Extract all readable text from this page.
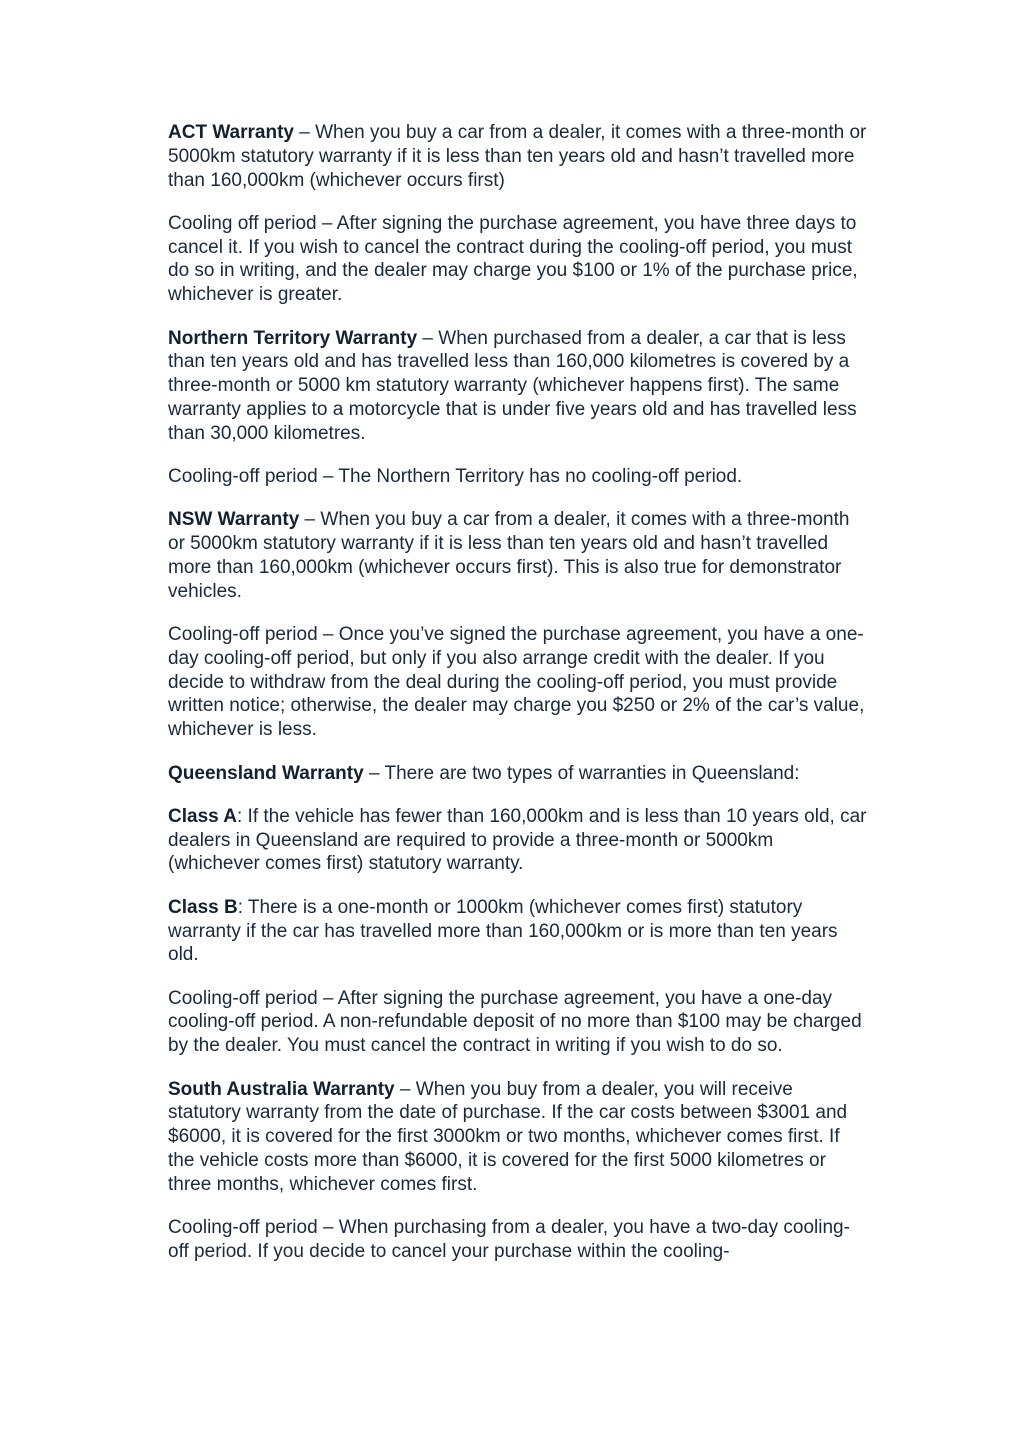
ACT Warranty – When you buy a car from a dealer, it comes with a three-month or 5000km statutory warranty if it is less than ten years old and hasn’t travelled more than 160,000km (whichever occurs first)

Cooling off period – After signing the purchase agreement, you have three days to cancel it. If you wish to cancel the contract during the cooling-off period, you must do so in writing, and the dealer may charge you $100 or 1% of the purchase price, whichever is greater.

Northern Territory Warranty – When purchased from a dealer, a car that is less than ten years old and has travelled less than 160,000 kilometres is covered by a three-month or 5000 km statutory warranty (whichever happens first). The same warranty applies to a motorcycle that is under five years old and has travelled less than 30,000 kilometres.

Cooling-off period – The Northern Territory has no cooling-off period.

NSW Warranty – When you buy a car from a dealer, it comes with a three-month or 5000km statutory warranty if it is less than ten years old and hasn’t travelled more than 160,000km (whichever occurs first). This is also true for demonstrator vehicles.

Cooling-off period – Once you’ve signed the purchase agreement, you have a one-day cooling-off period, but only if you also arrange credit with the dealer. If you decide to withdraw from the deal during the cooling-off period, you must provide written notice; otherwise, the dealer may charge you $250 or 2% of the car’s value, whichever is less.

Queensland Warranty – There are two types of warranties in Queensland:

Class A: If the vehicle has fewer than 160,000km and is less than 10 years old, car dealers in Queensland are required to provide a three-month or 5000km (whichever comes first) statutory warranty.

Class B: There is a one-month or 1000km (whichever comes first) statutory warranty if the car has travelled more than 160,000km or is more than ten years old.

Cooling-off period – After signing the purchase agreement, you have a one-day cooling-off period. A non-refundable deposit of no more than $100 may be charged by the dealer. You must cancel the contract in writing if you wish to do so.

South Australia Warranty – When you buy from a dealer, you will receive statutory warranty from the date of purchase. If the car costs between $3001 and $6000, it is covered for the first 3000km or two months, whichever comes first. If the vehicle costs more than $6000, it is covered for the first 5000 kilometres or three months, whichever comes first.

Cooling-off period – When purchasing from a dealer, you have a two-day cooling-off period. If you decide to cancel your purchase within the cooling-
